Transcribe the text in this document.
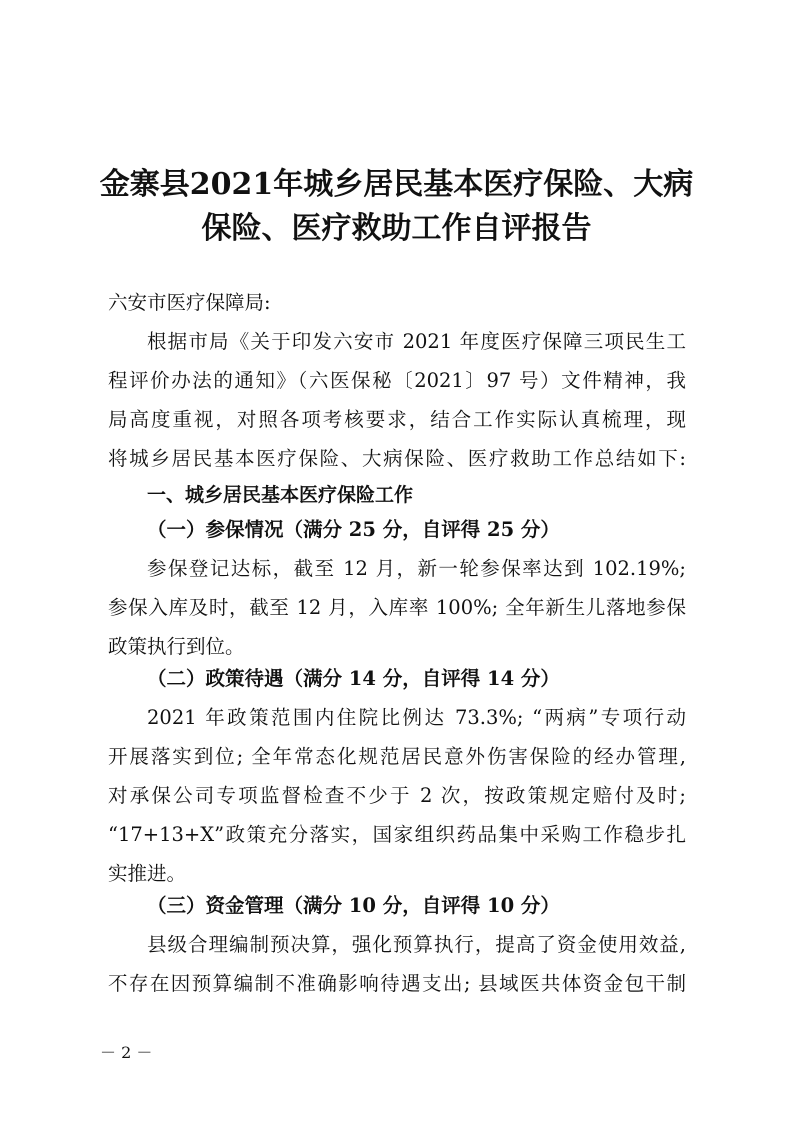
金寨县2021年城乡居民基本医疗保险、大病
保险、医疗救助工作自评报告

六安市医疗保障局:

根据市局《关于印发六安市 2021 年度医疗保障三项民生工

程评价办法的通知》（六医保秘〔2021〕97 号）文件精神，我

局高度重视，对照各项考核要求，结合工作实际认真梳理，现

将城乡居民基本医疗保险、大病保险、医疗救助工作总结如下:

一、城乡居民基本医疗保险工作

（一）参保情况（满分 25 分，自评得 25 分）

参保登记达标，截至 12 月，新一轮参保率达到 102.19%;

参保入库及时，截至 12 月，入库率 100%; 全年新生儿落地参保

政策执行到位。

（二）政策待遇（满分 14 分，自评得 14 分）

2021 年政策范围内住院比例达 73.3%; “两病”专项行动

开展落实到位; 全年常态化规范居民意外伤害保险的经办管理,

对承保公司专项监督检查不少于 2 次，按政策规定赔付及时;

“17+13+X”政策充分落实，国家组织药品集中采购工作稳步扎

实推进。

（三）资金管理（满分 10 分，自评得 10 分）

县级合理编制预决算，强化预算执行，提高了资金使用效益,

不存在因预算编制不准确影响待遇支出; 县域医共体资金包干制

－ 2 －
